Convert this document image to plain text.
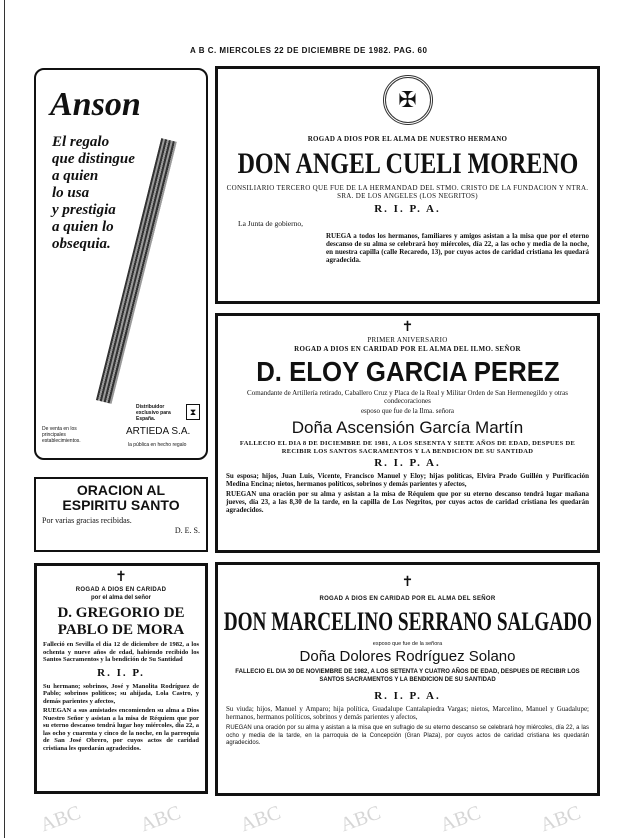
A B C. MIERCOLES 22 DE DICIEMBRE DE 1982. PAG. 60
Anson
El regalo
que distingue
a quien
lo usa
y prestigia
a quien lo
obsequia.
De venta en los principales establecimientos.
Distribuidor exclusivo para España.
⧗
ARTIEDA S.A.
la pública en hecho regalo
ORACION AL
ESPIRITU SANTO
Por varias gracias recibidas.
D. E. S.
✝
ROGAD A DIOS EN CARIDAD
por el alma del señor
D. GREGORIO DE PABLO DE MORA
Falleció en Sevilla el día 12 de diciembre de 1982, a los ochenta y nueve años de edad, habiendo recibido los Santos Sacramentos y la bendición de Su Santidad
R. I. P.
Su hermano; sobrinos, José y Manolita Rodríguez de Pablo; sobrinos políticos; su ahijada, Lola Castro, y demás parientes y afectos,
RUEGAN a sus amistades encomienden su alma a Dios Nuestro Señor y asistan a la misa de Réquiem que por su eterno descanso tendrá lugar hoy miércoles, día 22, a las ocho y cuarenta y cinco de la noche, en la parroquia de San José Obrero, por cuyos actos de caridad cristiana les quedarán agradecidos.
✠
ROGAD A DIOS POR EL ALMA DE NUESTRO HERMANO
DON ANGEL CUELI MORENO
CONSILIARIO TERCERO QUE FUE DE LA HERMANDAD DEL STMO. CRISTO DE LA FUNDACION Y NTRA. SRA. DE LOS ANGELES (LOS NEGRITOS)
R. I. P. A.
La Junta de gobierno,
RUEGA a todos los hermanos, familiares y amigos asistan a la misa que por el eterno descanso de su alma se celebrará hoy miércoles, día 22, a las ocho y media de la noche, en nuestra capilla (calle Recaredo, 13), por cuyos actos de caridad cristiana les quedará agradecida.
✝
PRIMER ANIVERSARIO
ROGAD A DIOS EN CARIDAD POR EL ALMA DEL ILMO. SEÑOR
D. ELOY GARCIA PEREZ
Comandante de Artillería retirado, Caballero Cruz y Placa de la Real y Militar Orden de San Hermenegildo y otras condecoraciones
esposo que fue de la Ilma. señora
Doña Ascensión García Martín
FALLECIO EL DIA 8 DE DICIEMBRE DE 1981, A LOS SESENTA Y SIETE AÑOS DE EDAD, DESPUES DE RECIBIR LOS SANTOS SACRAMENTOS Y LA BENDICION DE SU SANTIDAD
R. I. P. A.
Su esposa; hijos, Juan Luis, Vicente, Francisco Manuel y Eloy; hijas políticas, Elvira Prado Guillén y Purificación Medina Encina; nietos, hermanos políticos, sobrinos y demás parientes y afectos,
RUEGAN una oración por su alma y asistan a la misa de Réquiem que por su eterno descanso tendrá lugar mañana jueves, día 23, a las 8,30 de la tarde, en la capilla de Los Negritos, por cuyos actos de caridad cristiana les quedarán agradecidos.
✝
ROGAD A DIOS EN CARIDAD POR EL ALMA DEL SEÑOR
DON MARCELINO SERRANO SALGADO
esposo que fue de la señora
Doña Dolores Rodríguez Solano
FALLECIO EL DIA 30 DE NOVIEMBRE DE 1982, A LOS SETENTA Y CUATRO AÑOS DE EDAD, DESPUES DE RECIBIR LOS SANTOS SACRAMENTOS Y LA BENDICION DE SU SANTIDAD
R. I. P. A.
Su viuda; hijos, Manuel y Amparo; hija política, Guadalupe Cantalapiedra Vargas; nietos, Marcelino, Manuel y Guadalupe; hermanos, hermanos políticos, sobrinos y demás parientes y afectos,
RUEGAN una oración por su alma y asistan a la misa que en sufragio de su eterno descanso se celebrará hoy miércoles, día 22, a las ocho y media de la tarde, en la parroquia de la Concepción (Gran Plaza), por cuyos actos de caridad cristiana les quedarán agradecidos.
ABC	ABC	ABC	ABC	ABC	ABC
